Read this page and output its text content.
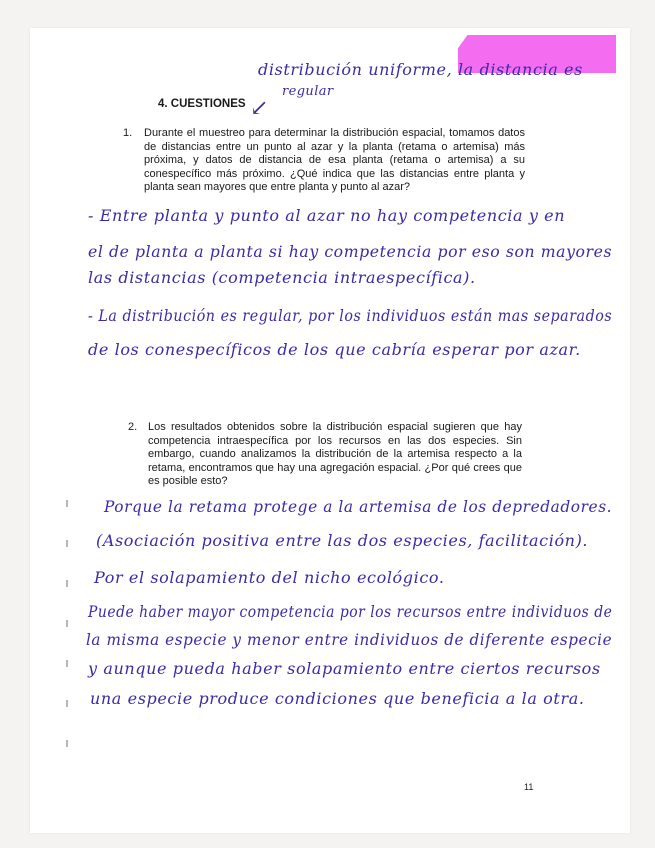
distribución uniforme, la distancia es
regular
↙
4. CUESTIONES
1. Durante el muestreo para determinar la distribución espacial, tomamos datos de distancias entre un punto al azar y la planta (retama o artemisa) más próxima, y datos de distancia de esa planta (retama o artemisa) a su conespecífico más próximo. ¿Qué indica que las distancias entre planta y planta sean mayores que entre planta y punto al azar?
- Entre planta y punto al azar no hay competencia y en
el de planta a planta si hay competencia por eso son mayores
las distancias (competencia intraespecífica).
- La distribución es regular, por los individuos están mas separados
de los conespecíficos de los que cabría esperar por azar.
2. Los resultados obtenidos sobre la distribución espacial sugieren que hay competencia intraespecífica por los recursos en las dos especies. Sin embargo, cuando analizamos la distribución de la artemisa respecto a la retama, encontramos que hay una agregación espacial. ¿Por qué crees que es posible esto?
Porque la retama protege a la artemisa de los depredadores.
(Asociación positiva entre las dos especies, facilitación).
Por el solapamiento del nicho ecológico.
Puede haber mayor competencia por los recursos entre individuos de
la misma especie y menor entre individuos de diferente especie
y aunque pueda haber solapamiento entre ciertos recursos
una especie produce condiciones que beneficia a la otra.
11
